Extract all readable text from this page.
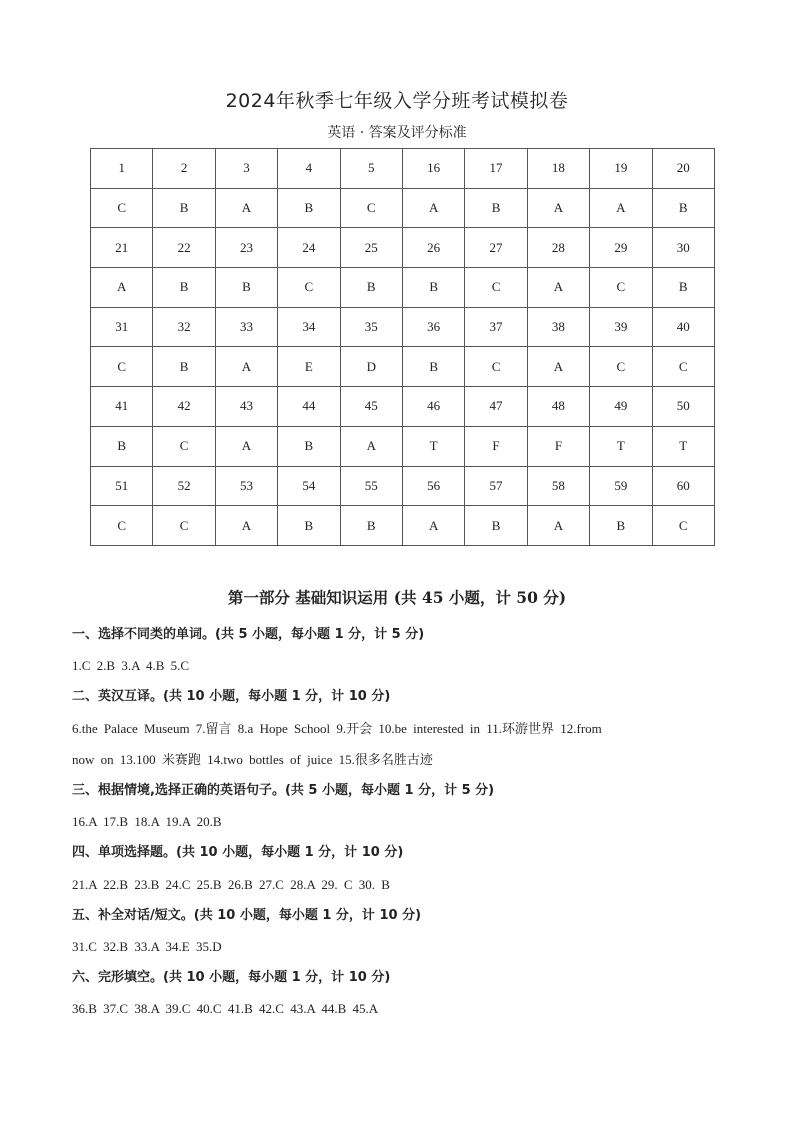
2024年秋季七年级入学分班考试模拟卷
英语 · 答案及评分标准
1	2	3	4	5	16	17	18	19	20
C	B	A	B	C	A	B	A	A	B
21	22	23	24	25	26	27	28	29	30
A	B	B	C	B	B	C	A	C	B
31	32	33	34	35	36	37	38	39	40
C	B	A	E	D	B	C	A	C	C
41	42	43	44	45	46	47	48	49	50
B	C	A	B	A	T	F	F	T	T
51	52	53	54	55	56	57	58	59	60
C	C	A	B	B	A	B	A	B	C
第一部分 基础知识运用 (共 45 小题，计 50 分)
一、选择不同类的单词。(共 5 小题，每小题 1 分，计 5 分)
1.C 2.B 3.A 4.B 5.C
二、英汉互译。(共 10 小题，每小题 1 分，计 10 分)
6.the Palace Museum 7.留言 8.a Hope School 9.开会 10.be interested in 11.环游世界 12.from
now on 13.100 米赛跑 14.two bottles of juice 15.很多名胜古迹
三、根据情境,选择正确的英语句子。(共 5 小题，每小题 1 分，计 5 分)
16.A 17.B 18.A 19.A 20.B
四、单项选择题。(共 10 小题，每小题 1 分，计 10 分)
21.A 22.B 23.B 24.C 25.B 26.B 27.C 28.A 29. C 30. B
五、补全对话/短文。(共 10 小题，每小题 1 分，计 10 分)
31.C 32.B 33.A 34.E 35.D
六、完形填空。(共 10 小题，每小题 1 分，计 10 分)
36.B 37.C 38.A 39.C 40.C 41.B 42.C 43.A 44.B 45.A
